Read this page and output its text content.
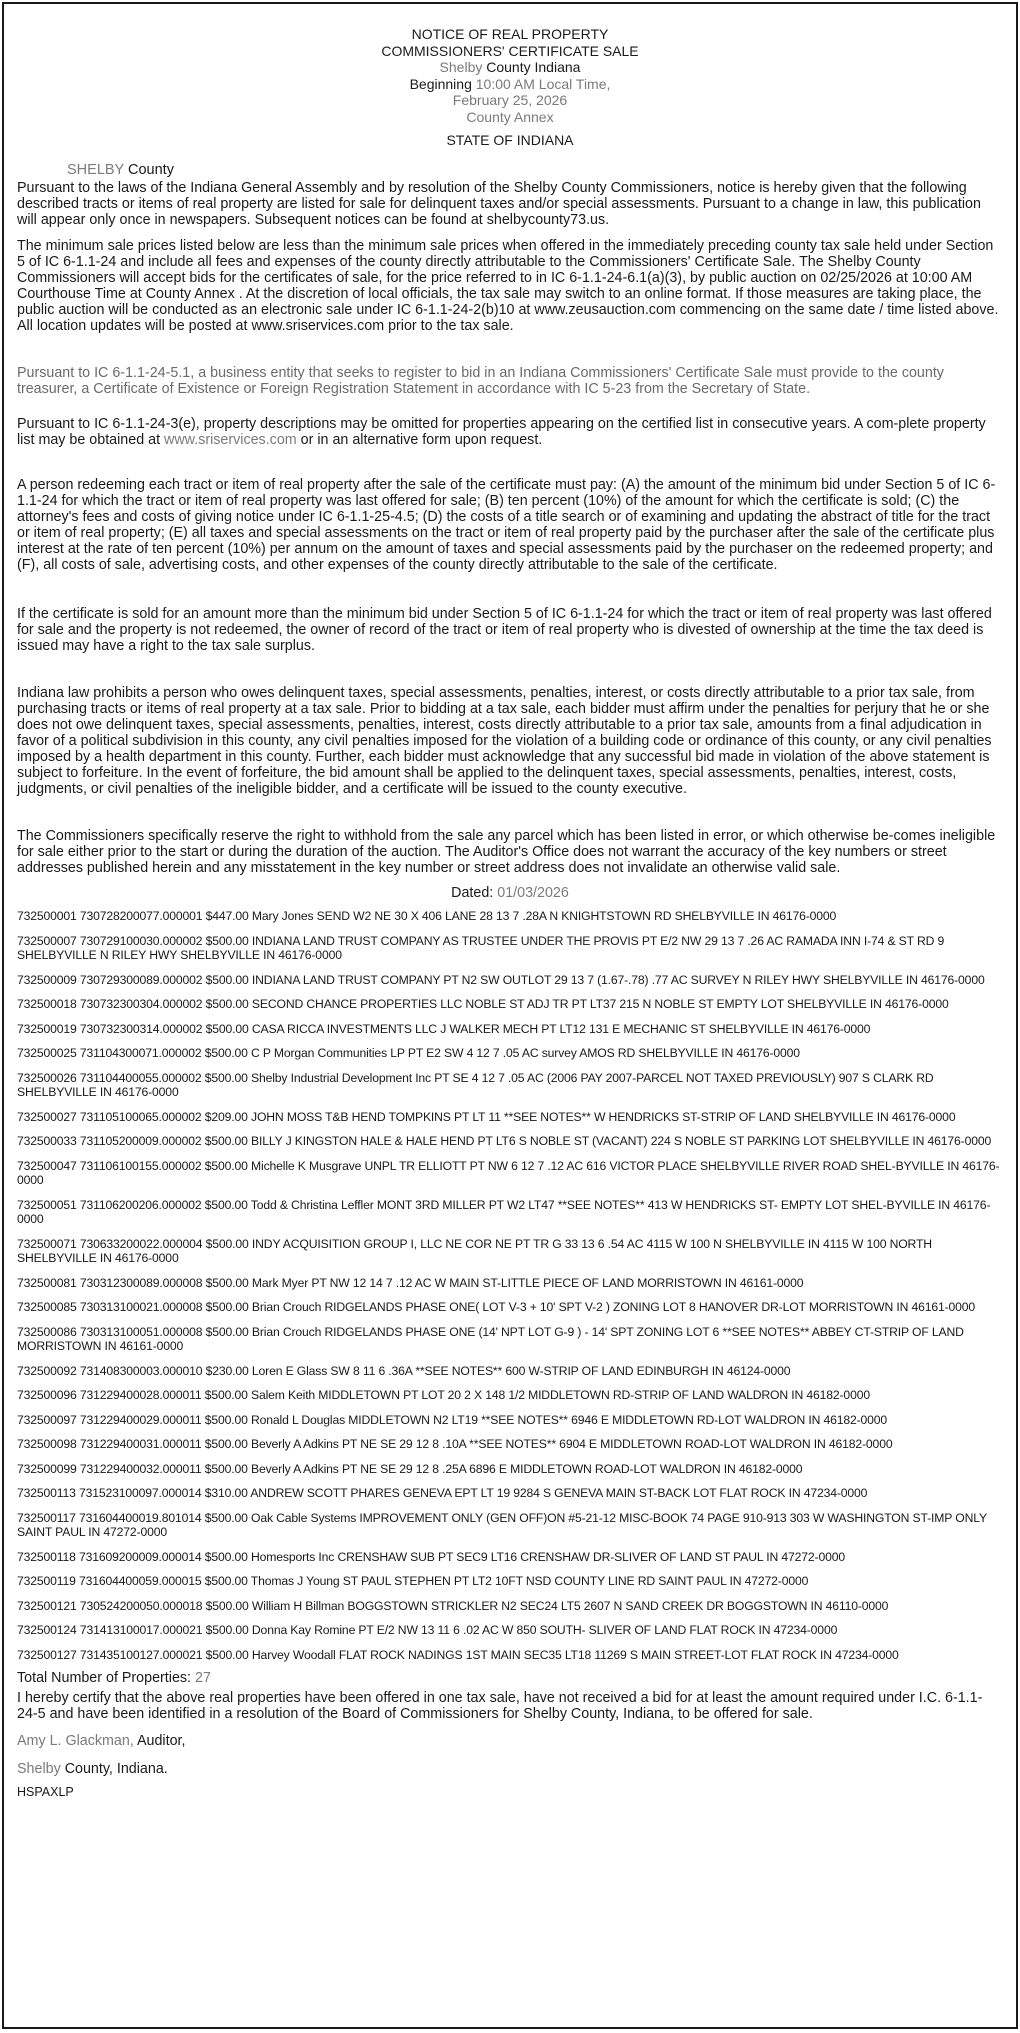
NOTICE OF REAL PROPERTY
COMMISSIONERS' CERTIFICATE SALE
Shelby County Indiana
Beginning 10:00 AM Local Time,
February 25, 2026
County Annex
STATE OF INDIANA
SHELBY County

Pursuant to the laws of the Indiana General Assembly and by resolution of the Shelby County Commissioners, notice is hereby given that the following described tracts or items of real property are listed for sale for delinquent taxes and/or special assessments. Pursuant to a change in law, this publication will appear only once in newspapers. Subsequent notices can be found at shelbycounty73.us.

The minimum sale prices listed below are less than the minimum sale prices when offered in the immediately preceding county tax sale held under Section 5 of IC 6-1.1-24 and include all fees and expenses of the county directly attributable to the Commissioners' Certificate Sale. The Shelby County Commissioners will accept bids for the certificates of sale, for the price referred to in IC 6-1.1-24-6.1(a)(3), by public auction on 02/25/2026 at 10:00 AM Courthouse Time at County Annex . At the discretion of local officials, the tax sale may switch to an online format. If those measures are taking place, the public auction will be conducted as an electronic sale under IC 6-1.1-24-2(b)10 at www.zeusauction.com commencing on the same date / time listed above. All location updates will be posted at www.sriservices.com prior to the tax sale.

Pursuant to IC 6-1.1-24-5.1, a business entity that seeks to register to bid in an Indiana Commissioners' Certificate Sale must provide to the county treasurer, a Certificate of Existence or Foreign Registration Statement in accordance with IC 5-23 from the Secretary of State.

Pursuant to IC 6-1.1-24-3(e), property descriptions may be omitted for properties appearing on the certified list in consecutive years. A com-plete property list may be obtained at www.sriservices.com or in an alternative form upon request.

A person redeeming each tract or item of real property after the sale of the certificate must pay: (A) the amount of the minimum bid under Section 5 of IC 6-1.1-24 for which the tract or item of real property was last offered for sale; (B) ten percent (10%) of the amount for which the certificate is sold; (C) the attorney's fees and costs of giving notice under IC 6-1.1-25-4.5; (D) the costs of a title search or of examining and updating the abstract of title for the tract or item of real property; (E) all taxes and special assessments on the tract or item of real property paid by the purchaser after the sale of the certificate plus interest at the rate of ten percent (10%) per annum on the amount of taxes and special assessments paid by the purchaser on the redeemed property; and (F), all costs of sale, advertising costs, and other expenses of the county directly attributable to the sale of the certificate.

If the certificate is sold for an amount more than the minimum bid under Section 5 of IC 6-1.1-24 for which the tract or item of real property was last offered for sale and the property is not redeemed, the owner of record of the tract or item of real property who is divested of ownership at the time the tax deed is issued may have a right to the tax sale surplus.

Indiana law prohibits a person who owes delinquent taxes, special assessments, penalties, interest, or costs directly attributable to a prior tax sale, from purchasing tracts or items of real property at a tax sale. Prior to bidding at a tax sale, each bidder must affirm under the penalties for perjury that he or she does not owe delinquent taxes, special assessments, penalties, interest, costs directly attributable to a prior tax sale, amounts from a final adjudication in favor of a political subdivision in this county, any civil penalties imposed for the violation of a building code or ordinance of this county, or any civil penalties imposed by a health department in this county. Further, each bidder must acknowledge that any successful bid made in violation of the above statement is subject to forfeiture. In the event of forfeiture, the bid amount shall be applied to the delinquent taxes, special assessments, penalties, interest, costs, judgments, or civil penalties of the ineligible bidder, and a certificate will be issued to the county executive.

The Commissioners specifically reserve the right to withhold from the sale any parcel which has been listed in error, or which otherwise be-comes ineligible for sale either prior to the start or during the duration of the auction. The Auditor's Office does not warrant the accuracy of the key numbers or street addresses published herein and any misstatement in the key number or street address does not invalidate an otherwise valid sale.

Dated: 01/03/2026
732500001 730728200077.000001 $447.00 Mary Jones SEND W2 NE 30 X 406 LANE 28 13 7 .28A N KNIGHTSTOWN RD SHELBYVILLE IN 46176-0000
732500007 730729100030.000002 $500.00 INDIANA LAND TRUST COMPANY AS TRUSTEE UNDER THE PROVIS PT E/2 NW 29 13 7 .26 AC RAMADA INN I-74 & ST RD 9 SHELBYVILLE N RILEY HWY SHELBYVILLE IN 46176-0000
732500009 730729300089.000002 $500.00 INDIANA LAND TRUST COMPANY PT N2 SW OUTLOT 29 13 7 (1.67-.78) .77 AC SURVEY N RILEY HWY SHELBYVILLE IN 46176-0000
732500018 730732300304.000002 $500.00 SECOND CHANCE PROPERTIES LLC NOBLE ST ADJ TR PT LT37 215 N NOBLE ST EMPTY LOT SHELBYVILLE IN 46176-0000
732500019 730732300314.000002 $500.00 CASA RICCA INVESTMENTS LLC J WALKER MECH PT LT12 131 E MECHANIC ST SHELBYVILLE IN 46176-0000
732500025 731104300071.000002 $500.00 C P Morgan Communities LP PT E2 SW 4 12 7 .05 AC survey AMOS RD SHELBYVILLE IN 46176-0000
732500026 731104400055.000002 $500.00 Shelby Industrial Development Inc PT SE 4 12 7 .05 AC (2006 PAY 2007-PARCEL NOT TAXED PREVIOUSLY) 907 S CLARK RD SHELBYVILLE IN 46176-0000
732500027 731105100065.000002 $209.00 JOHN MOSS T&B HEND TOMPKINS PT LT 11 **SEE NOTES** W HENDRICKS ST-STRIP OF LAND SHELBYVILLE IN 46176-0000
732500033 731105200009.000002 $500.00 BILLY J KINGSTON HALE & HALE HEND PT LT6 S NOBLE ST (VACANT) 224 S NOBLE ST PARKING LOT SHELBYVILLE IN 46176-0000
732500047 731106100155.000002 $500.00 Michelle K Musgrave UNPL TR ELLIOTT PT NW 6 12 7 .12 AC 616 VICTOR PLACE SHELBYVILLE RIVER ROAD SHEL-BYVILLE IN 46176-0000
732500051 731106200206.000002 $500.00 Todd & Christina Leffler MONT 3RD MILLER PT W2 LT47 **SEE NOTES** 413 W HENDRICKS ST- EMPTY LOT SHEL-BYVILLE IN 46176-0000
732500071 730633200022.000004 $500.00 INDY ACQUISITION GROUP I, LLC NE COR NE PT TR G 33 13 6 .54 AC 4115 W 100 N SHELBYVILLE IN 4115 W 100 NORTH SHELBYVILLE IN 46176-0000
732500081 730312300089.000008 $500.00 Mark Myer PT NW 12 14 7 .12 AC W MAIN ST-LITTLE PIECE OF LAND MORRISTOWN IN 46161-0000
732500085 730313100021.000008 $500.00 Brian Crouch RIDGELANDS PHASE ONE( LOT V-3 + 10' SPT V-2 ) ZONING LOT 8 HANOVER DR-LOT MORRISTOWN IN 46161-0000
732500086 730313100051.000008 $500.00 Brian Crouch RIDGELANDS PHASE ONE (14' NPT LOT G-9 ) - 14' SPT ZONING LOT 6 **SEE NOTES** ABBEY CT-STRIP OF LAND MORRISTOWN IN 46161-0000
732500092 731408300003.000010 $230.00 Loren E Glass SW 8 11 6 .36A **SEE NOTES** 600 W-STRIP OF LAND EDINBURGH IN 46124-0000
732500096 731229400028.000011 $500.00 Salem Keith MIDDLETOWN PT LOT 20 2 X 148 1/2 MIDDLETOWN RD-STRIP OF LAND WALDRON IN 46182-0000
732500097 731229400029.000011 $500.00 Ronald L Douglas MIDDLETOWN N2 LT19 **SEE NOTES** 6946 E MIDDLETOWN RD-LOT WALDRON IN 46182-0000
732500098 731229400031.000011 $500.00 Beverly A Adkins PT NE SE 29 12 8 .10A **SEE NOTES** 6904 E MIDDLETOWN ROAD-LOT WALDRON IN 46182-0000
732500099 731229400032.000011 $500.00 Beverly A Adkins PT NE SE 29 12 8 .25A 6896 E MIDDLETOWN ROAD-LOT WALDRON IN 46182-0000
732500113 731523100097.000014 $310.00 ANDREW SCOTT PHARES GENEVA EPT LT 19 9284 S GENEVA MAIN ST-BACK LOT FLAT ROCK IN 47234-0000
732500117 731604400019.801014 $500.00 Oak Cable Systems IMPROVEMENT ONLY (GEN OFF)ON #5-21-12 MISC-BOOK 74 PAGE 910-913 303 W WASHINGTON ST-IMP ONLY SAINT PAUL IN 47272-0000
732500118 731609200009.000014 $500.00 Homesports Inc CRENSHAW SUB PT SEC9 LT16 CRENSHAW DR-SLIVER OF LAND ST PAUL IN 47272-0000
732500119 731604400059.000015 $500.00 Thomas J Young ST PAUL STEPHEN PT LT2 10FT NSD COUNTY LINE RD SAINT PAUL IN 47272-0000
732500121 730524200050.000018 $500.00 William H Billman BOGGSTOWN STRICKLER N2 SEC24 LT5 2607 N SAND CREEK DR BOGGSTOWN IN 46110-0000
732500124 731413100017.000021 $500.00 Donna Kay Romine PT E/2 NW 13 11 6 .02 AC W 850 SOUTH- SLIVER OF LAND FLAT ROCK IN 47234-0000
732500127 731435100127.000021 $500.00 Harvey Woodall FLAT ROCK NADINGS 1ST MAIN SEC35 LT18 11269 S MAIN STREET-LOT FLAT ROCK IN 47234-0000
Total Number of Properties: 27
I hereby certify that the above real properties have been offered in one tax sale, have not received a bid for at least the amount required under I.C. 6-1.1-24-5 and have been identified in a resolution of the Board of Commissioners for Shelby County, Indiana, to be offered for sale.
Amy L. Glackman, Auditor,
Shelby County, Indiana.
HSPAXLP
